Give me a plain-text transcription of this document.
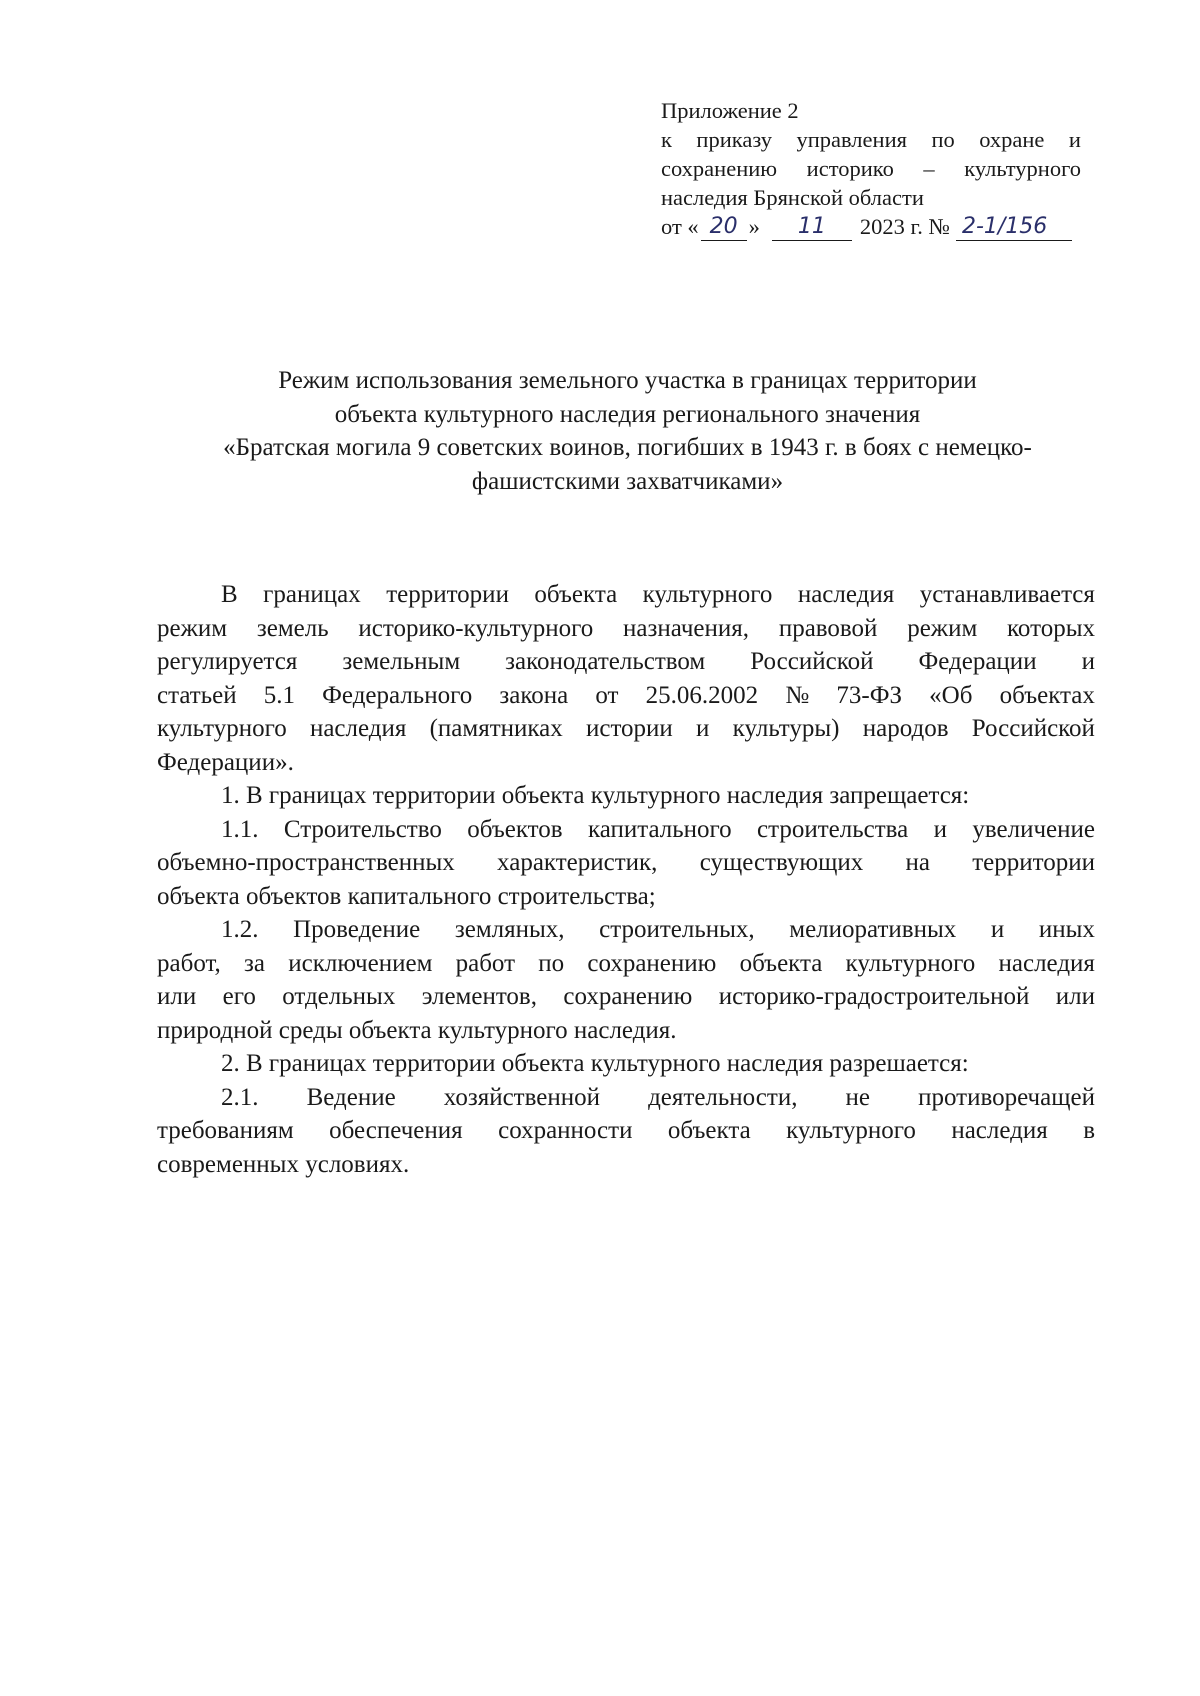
Приложение 2
к приказу управления по охране и
сохранению историко – культурного
наследия Брянской области
от « 20 »	11	2023 г. № 2-1/156
Режим использования земельного участка в границах территории
объекта культурного наследия регионального значения
«Братская могила 9 советских воинов, погибших в 1943 г. в боях с немецко-
фашистскими захватчиками»
В границах территории объекта культурного наследия устанавливается
режим земель историко-культурного назначения, правовой режим которых
регулируется земельным законодательством Российской Федерации и
статьей 5.1 Федерального закона от 25.06.2002 № 73-ФЗ «Об объектах
культурного наследия (памятниках истории и культуры) народов Российской
Федерации».
1. В границах территории объекта культурного наследия запрещается:
1.1. Строительство объектов капитального строительства и увеличение
объемно-пространственных характеристик, существующих на территории
объекта объектов капитального строительства;
1.2. Проведение земляных, строительных, мелиоративных и иных
работ, за исключением работ по сохранению объекта культурного наследия
или его отдельных элементов, сохранению историко-градостроительной или
природной среды объекта культурного наследия.
2. В границах территории объекта культурного наследия разрешается:
2.1. Ведение хозяйственной деятельности, не противоречащей
требованиям обеспечения сохранности объекта культурного наследия в
современных условиях.
